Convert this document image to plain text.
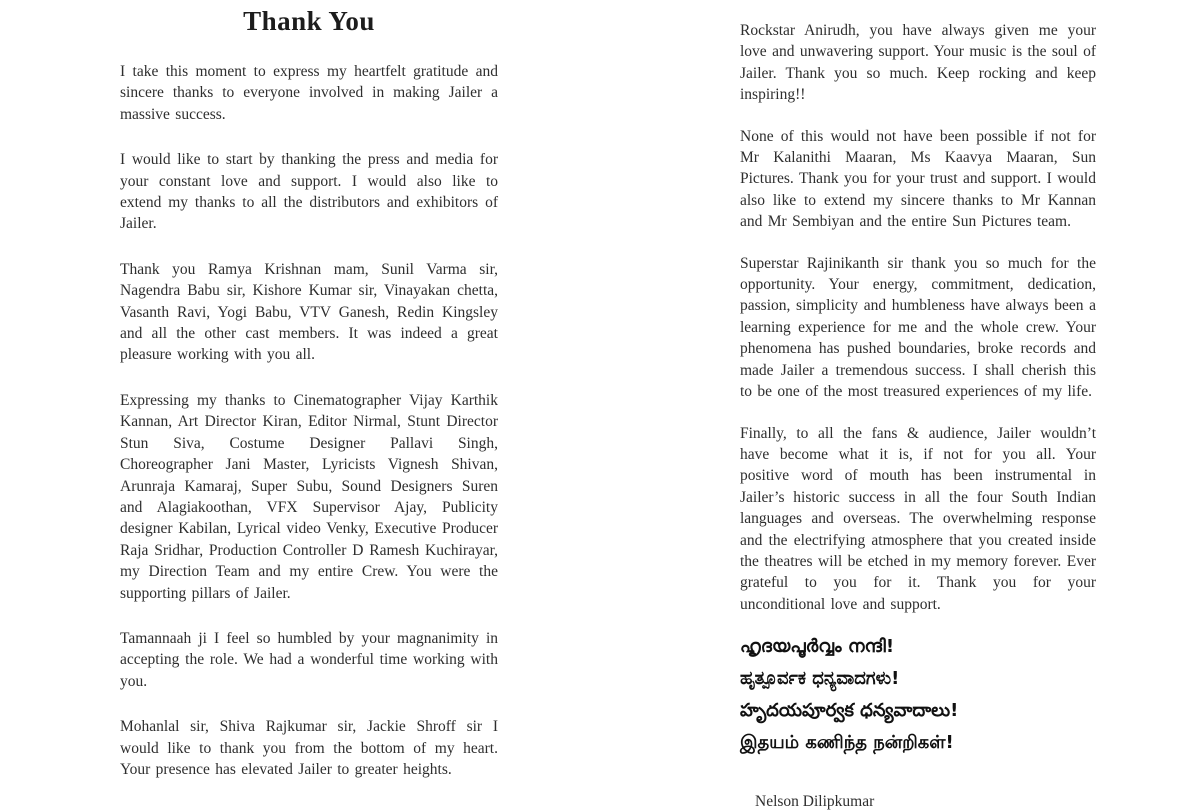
Thank You

I take this moment to express my heartfelt gratitude and sincere thanks to everyone involved in making Jailer a massive success.

I would like to start by thanking the press and media for your constant love and support. I would also like to extend my thanks to all the distributors and exhibitors of Jailer.

Thank you Ramya Krishnan mam, Sunil Varma sir, Nagendra Babu sir, Kishore Kumar sir, Vinayakan chetta, Vasanth Ravi, Yogi Babu, VTV Ganesh, Redin Kingsley and all the other cast members. It was indeed a great pleasure working with you all.

Expressing my thanks to Cinematographer Vijay Karthik Kannan, Art Director Kiran, Editor Nirmal, Stunt Director Stun Siva, Costume Designer Pallavi Singh, Choreographer Jani Master, Lyricists Vignesh Shivan, Arunraja Kamaraj, Super Subu, Sound Designers Suren and Alagiakoothan, VFX Supervisor Ajay, Publicity designer Kabilan, Lyrical video Venky, Executive Producer Raja Sridhar, Production Controller D Ramesh Kuchirayar, my Direction Team and my entire Crew. You were the supporting pillars of Jailer.

Tamannaah ji I feel so humbled by your magnanimity in accepting the role. We had a wonderful time working with you.

Mohanlal sir, Shiva Rajkumar sir, Jackie Shroff sir I would like to thank you from the bottom of my heart. Your presence has elevated Jailer to greater heights.

Rockstar Anirudh, you have always given me your love and unwavering support. Your music is the soul of Jailer. Thank you so much. Keep rocking and keep inspiring!!

None of this would not have been possible if not for Mr Kalanithi Maaran, Ms Kaavya Maaran, Sun Pictures. Thank you for your trust and support. I would also like to extend my sincere thanks to Mr Kannan and Mr Sembiyan and the entire Sun Pictures team.

Superstar Rajinikanth sir thank you so much for the opportunity. Your energy, commitment, dedication, passion, simplicity and humbleness have always been a learning experience for me and the whole crew. Your phenomena has pushed boundaries, broke records and made Jailer a tremendous success. I shall cherish this to be one of the most treasured experiences of my life.

Finally, to all the fans & audience, Jailer wouldn’t have become what it is, if not for you all. Your positive word of mouth has been instrumental in Jailer’s historic success in all the four South Indian languages and overseas. The overwhelming response and the electrifying atmosphere that you created inside the theatres will be etched in my memory forever. Ever grateful to you for it. Thank you for your unconditional love and support.

ഹൃദയപൂർവ്വം നന്ദി!
ಹೃತ್ಪೂರ್ವಕ ಧನ್ಯವಾದಗಳು!
హృదయపూర్వక ధన్యవాదాలు!
இதயம் கணிந்த நன்றிகள்!
Nelson Dilipkumar
